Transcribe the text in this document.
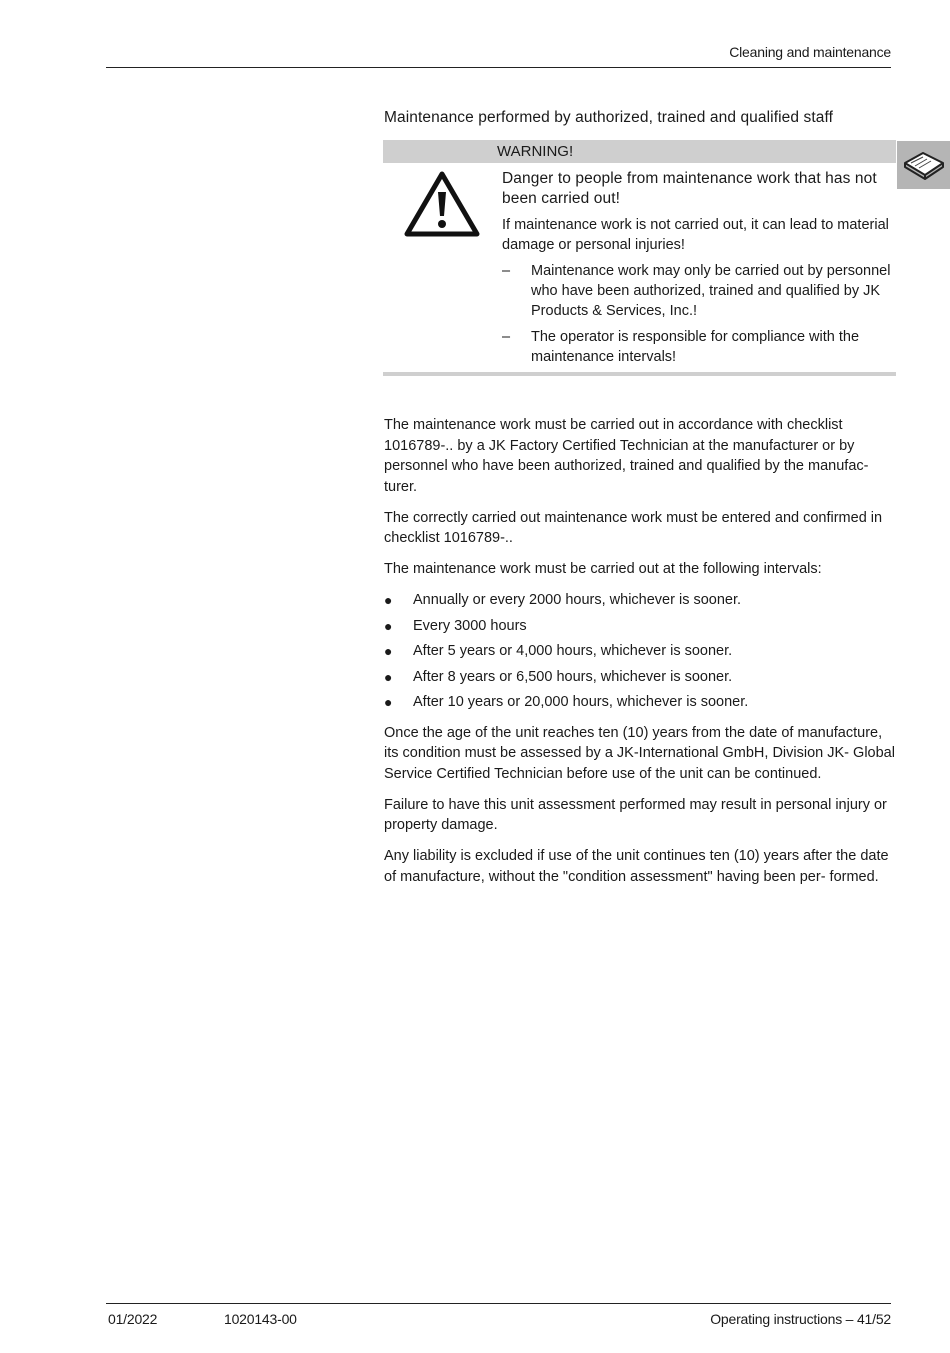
Cleaning and maintenance
Maintenance performed by authorized, trained and qualified staff
WARNING!

Danger to people from maintenance work that has not been carried out!

If maintenance work is not carried out, it can lead to material damage or personal injuries!

– Maintenance work may only be carried out by personnel who have been authorized, trained and qualified by JK Products & Services, Inc.!
– The operator is responsible for compliance with the maintenance intervals!

The maintenance work must be carried out in accordance with checklist 1016789-.. by a JK Factory Certified Technician at the manufacturer or by personnel who have been authorized, trained and qualified by the manufac- turer.

The correctly carried out maintenance work must be entered and confirmed in checklist 1016789-..

The maintenance work must be carried out at the following intervals:

● Annually or every 2000 hours, whichever is sooner.
● Every 3000 hours
● After 5 years or 4,000 hours, whichever is sooner.
● After 8 years or 6,500 hours, whichever is sooner.
● After 10 years or 20,000 hours, whichever is sooner.

Once the age of the unit reaches ten (10) years from the date of manufacture, its condition must be assessed by a JK-International GmbH, Division JK- Global Service Certified Technician before use of the unit can be continued.

Failure to have this unit assessment performed may result in personal injury or property damage.

Any liability is excluded if use of the unit continues ten (10) years after the date of manufacture, without the "condition assessment" having been per- formed.

01/2022	1020143-00	Operating instructions – 41/52
